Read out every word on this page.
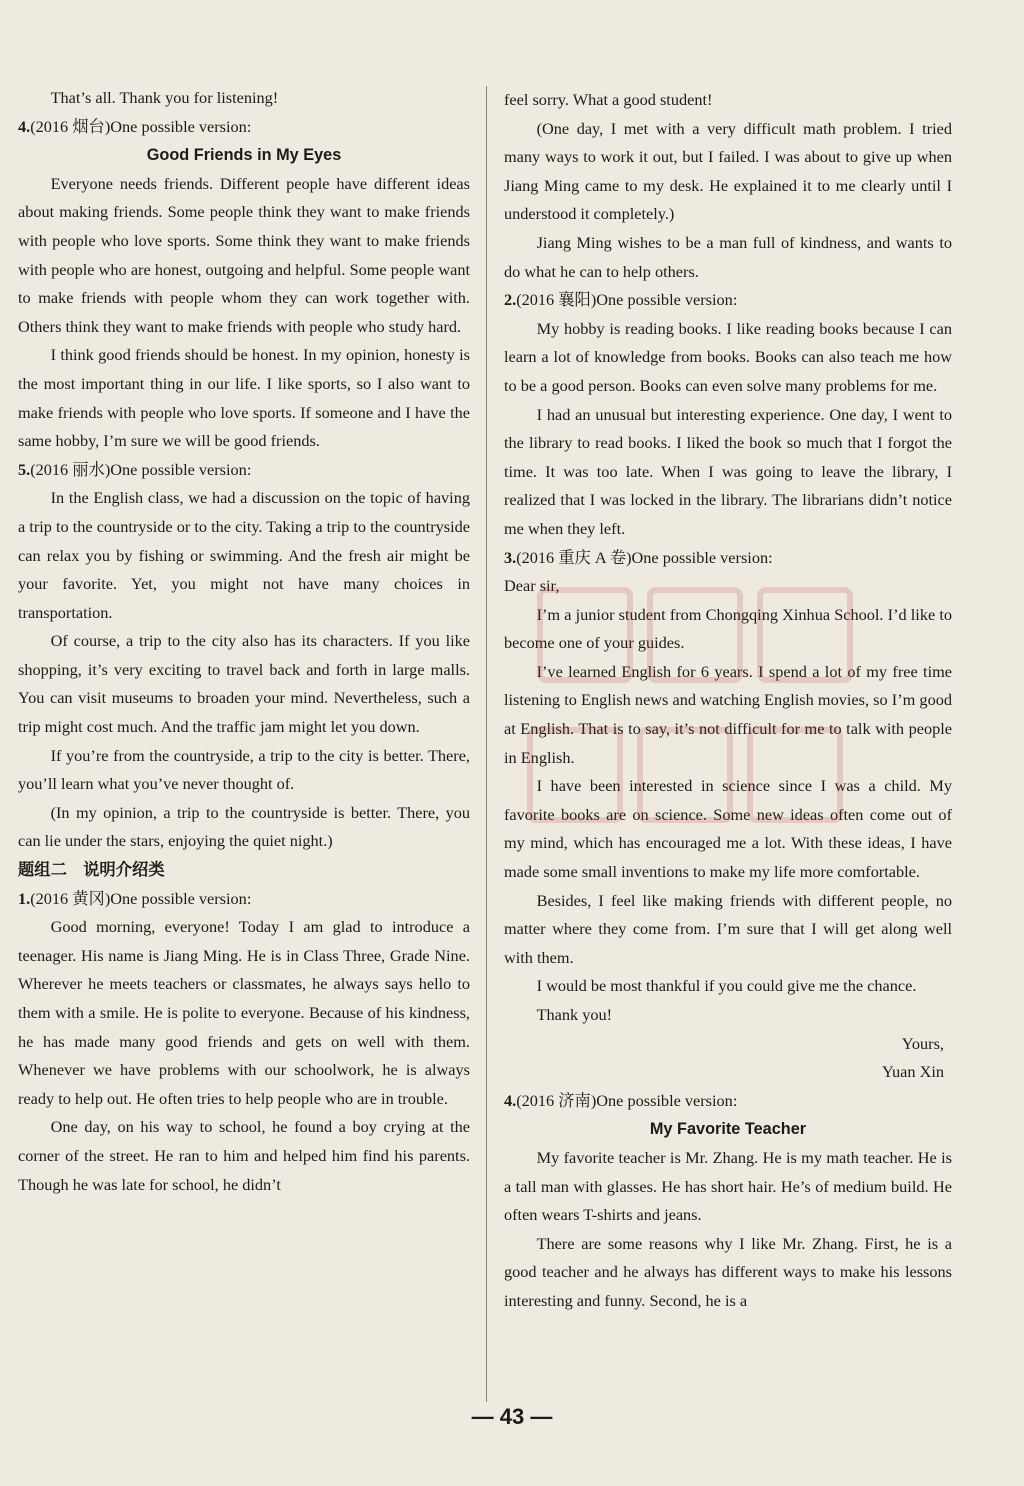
That’s all. Thank you for listening!

4.(2016 烟台)One possible version:

Good Friends in My Eyes

Everyone needs friends. Different people have different ideas about making friends. Some people think they want to make friends with people who love sports. Some think they want to make friends with people who are honest, outgoing and helpful. Some people want to make friends with people whom they can work together with. Others think they want to make friends with people who study hard.

I think good friends should be honest. In my opinion, honesty is the most important thing in our life. I like sports, so I also want to make friends with people who love sports. If someone and I have the same hobby, I’m sure we will be good friends.

5.(2016 丽水)One possible version:

In the English class, we had a discussion on the topic of having a trip to the countryside or to the city. Taking a trip to the countryside can relax you by fishing or swimming. And the fresh air might be your favorite. Yet, you might not have many choices in transportation.

Of course, a trip to the city also has its characters. If you like shopping, it’s very exciting to travel back and forth in large malls. You can visit museums to broaden your mind. Nevertheless, such a trip might cost much. And the traffic jam might let you down.

If you’re from the countryside, a trip to the city is better. There, you’ll learn what you’ve never thought of.

(In my opinion, a trip to the countryside is better. There, you can lie under the stars, enjoying the quiet night.)

题组二　说明介绍类

1.(2016 黄冈)One possible version:

Good morning, everyone! Today I am glad to introduce a teenager. His name is Jiang Ming. He is in Class Three, Grade Nine. Wherever he meets teachers or classmates, he always says hello to them with a smile. He is polite to everyone. Because of his kindness, he has made many good friends and gets on well with them. Whenever we have problems with our schoolwork, he is always ready to help out. He often tries to help people who are in trouble.

One day, on his way to school, he found a boy crying at the corner of the street. He ran to him and helped him find his parents. Though he was late for school, he didn’t

feel sorry. What a good student!

(One day, I met with a very difficult math problem. I tried many ways to work it out, but I failed. I was about to give up when Jiang Ming came to my desk. He explained it to me clearly until I understood it completely.)

Jiang Ming wishes to be a man full of kindness, and wants to do what he can to help others.

2.(2016 襄阳)One possible version:

My hobby is reading books. I like reading books because I can learn a lot of knowledge from books. Books can also teach me how to be a good person. Books can even solve many problems for me.

I had an unusual but interesting experience. One day, I went to the library to read books. I liked the book so much that I forgot the time. It was too late. When I was going to leave the library, I realized that I was locked in the library. The librarians didn’t notice me when they left.

3.(2016 重庆 A 卷)One possible version:

Dear sir,

I’m a junior student from Chongqing Xinhua School. I’d like to become one of your guides.

I’ve learned English for 6 years. I spend a lot of my free time listening to English news and watching English movies, so I’m good at English. That is to say, it’s not difficult for me to talk with people in English.

I have been interested in science since I was a child. My favorite books are on science. Some new ideas often come out of my mind, which has encouraged me a lot. With these ideas, I have made some small inventions to make my life more comfortable.

Besides, I feel like making friends with different people, no matter where they come from. I’m sure that I will get along well with them.

I would be most thankful if you could give me the chance.

Thank you!

Yours,

Yuan Xin

4.(2016 济南)One possible version:

My Favorite Teacher

My favorite teacher is Mr. Zhang. He is my math teacher. He is a tall man with glasses. He has short hair. He’s of medium build. He often wears T-shirts and jeans.

There are some reasons why I like Mr. Zhang. First, he is a good teacher and he always has different ways to make his lessons interesting and funny. Second, he is a

— 43 —
